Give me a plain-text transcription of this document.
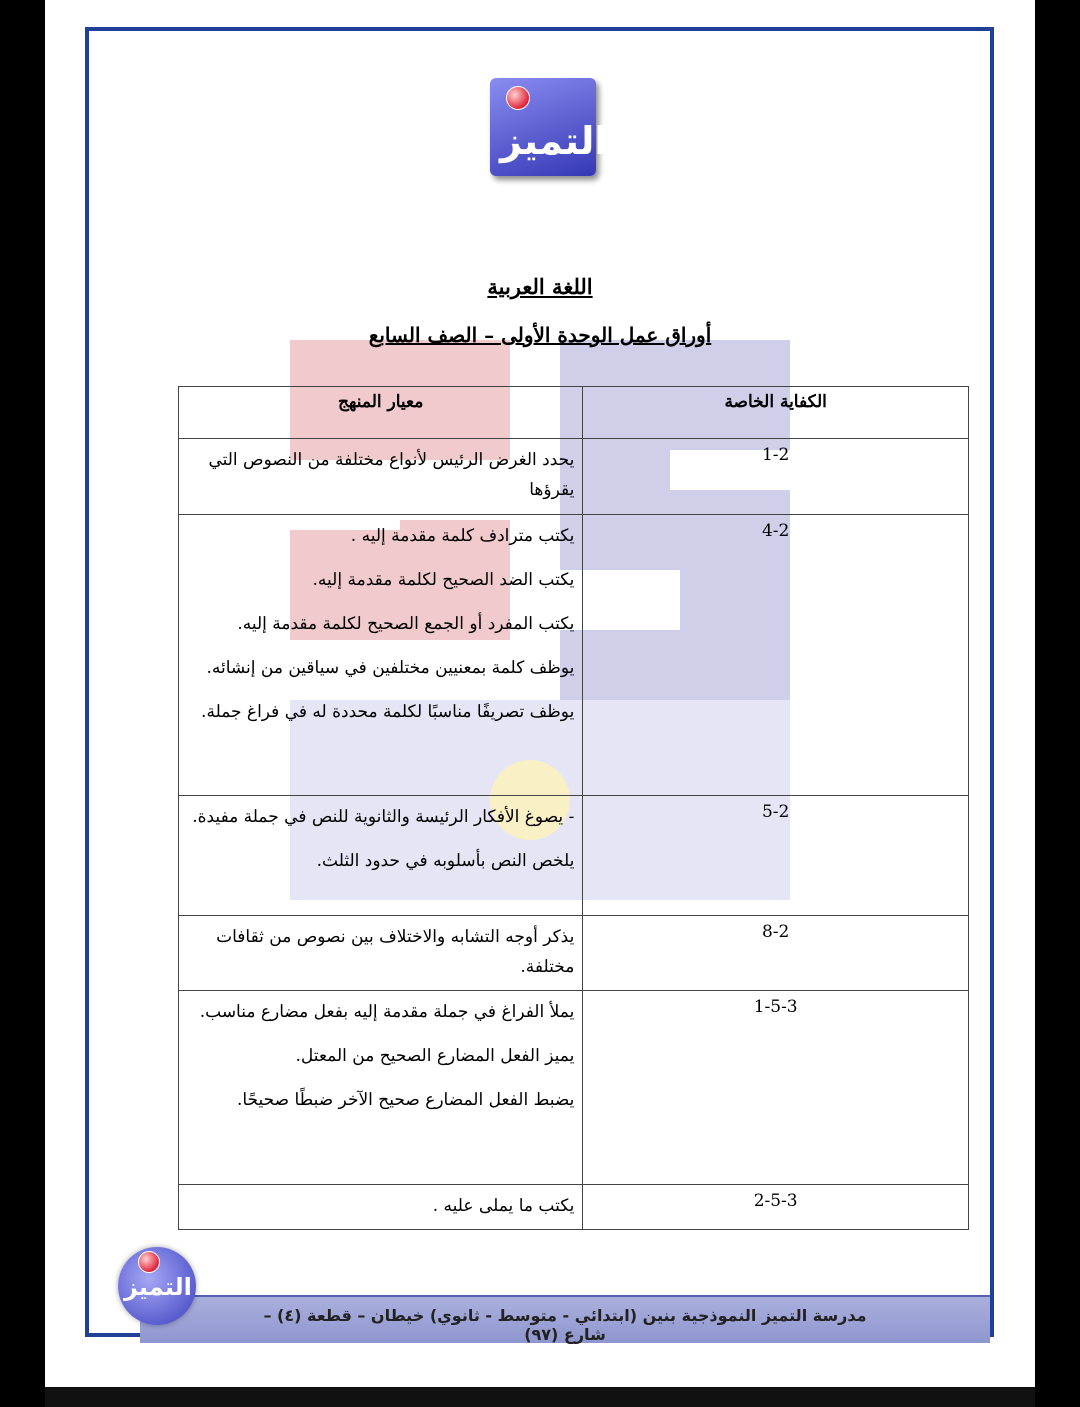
التميز
اللغة العربية
أوراق عمل الوحدة الأولى – الصف السابع
الكفاية الخاصة	معيار المنهج

1-2	يحدد الغرض الرئيس لأنواع مختلفة من النصوص التي يقرؤها

4-2	يكتب مترادف كلمة مقدمة إليه .

يكتب الضد الصحيح لكلمة مقدمة إليه.

يكتب المفرد أو الجمع الصحيح لكلمة مقدمة إليه.

يوظف كلمة بمعنيين مختلفين في سياقين من إنشائه.

يوظف تصريفًا مناسبًا لكلمة محددة له في فراغ جملة.

5-2	- يصوغ الأفكار الرئيسة والثانوية للنص في جملة مفيدة.

يلخص النص بأسلوبه في حدود الثلث.

8-2	يذكر أوجه التشابه والاختلاف بين نصوص من ثقافات مختلفة.

1-5-3	يملأ الفراغ في جملة مقدمة إليه بفعل مضارع مناسب.

يميز الفعل المضارع الصحيح من المعتل.

يضبط الفعل المضارع صحيح الآخر ضبطًا صحيحًا.

2-5-3	يكتب ما يملى عليه .

مدرسة التميز النموذجية بنين (ابتدائي - متوسط - ثانوي) خيطان – قطعة (٤) – شارع (٩٧)
التميز
